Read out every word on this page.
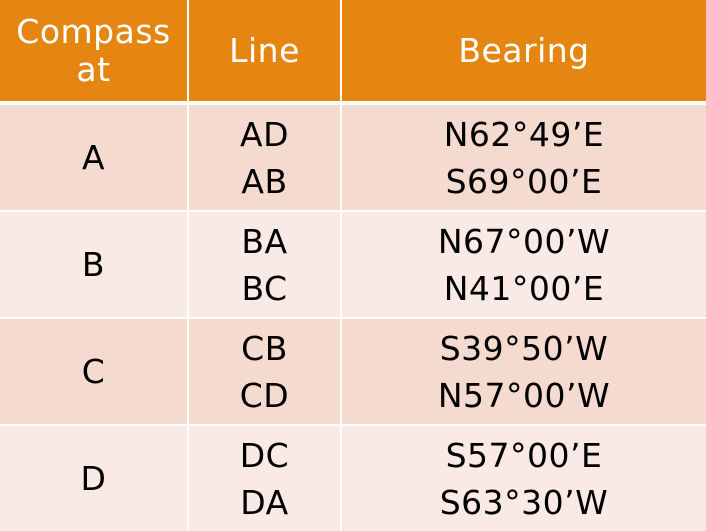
Compass
at	Line	Bearing
A
AD
AB
N62°49’E
S69°00’E
B
BA
BC
N67°00’W
N41°00’E
C
CB
CD
S39°50’W
N57°00’W
D
DC
DA
S57°00’E
S63°30’W
